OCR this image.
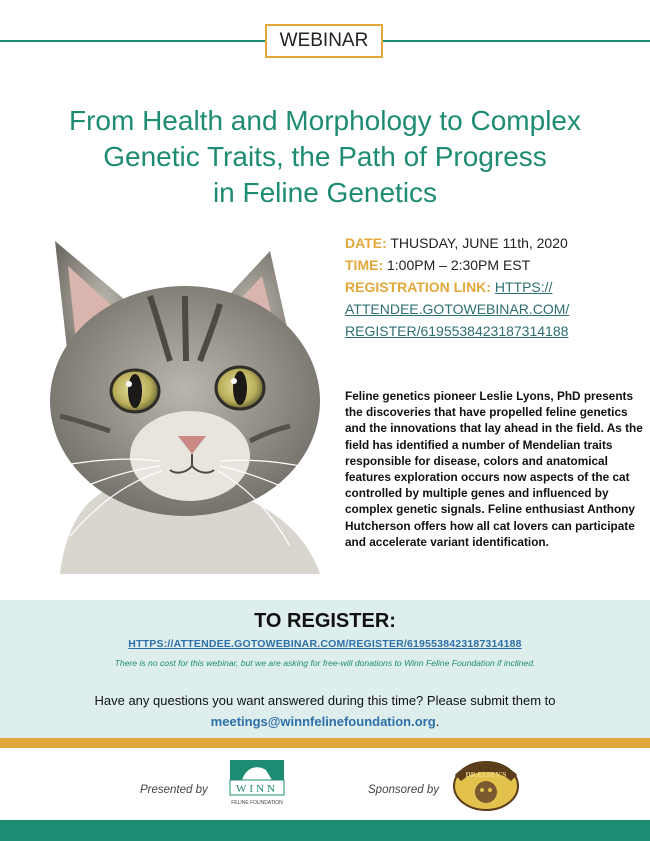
WEBINAR
From Health and Morphology to Complex
Genetic Traits, the Path of Progress
in Feline Genetics
DATE: THUSDAY, JUNE 11th, 2020
TIME: 1:00PM – 2:30PM EST
REGISTRATION LINK: HTTPS://
ATTENDEE.GOTOWEBINAR.COM/
REGISTER/6195538423187314188
Feline genetics pioneer Leslie Lyons, PhD presents the discoveries that have propelled feline genetics and the innovations that lay ahead in the field. As the field has identified a number of Mendelian traits responsible for disease, colors and anatomical features exploration occurs now aspects of the cat controlled by multiple genes and influenced by complex genetic signals. Feline enthusiast Anthony Hutcherson offers how all cat lovers can participate and accelerate variant identification.
TO REGISTER:
HTTPS://ATTENDEE.GOTOWEBINAR.COM/REGISTER/6195538423187314188
There is no cost for this webinar, but we are asking for free-will donations to Winn Feline Foundation if inclined.
Have any questions you want answered during this time? Please submit them to meetings@winnfelinefoundation.org.
Presented by	WINN
FELINE FOUNDATION
Sponsored by
DR.ELSEY'S
